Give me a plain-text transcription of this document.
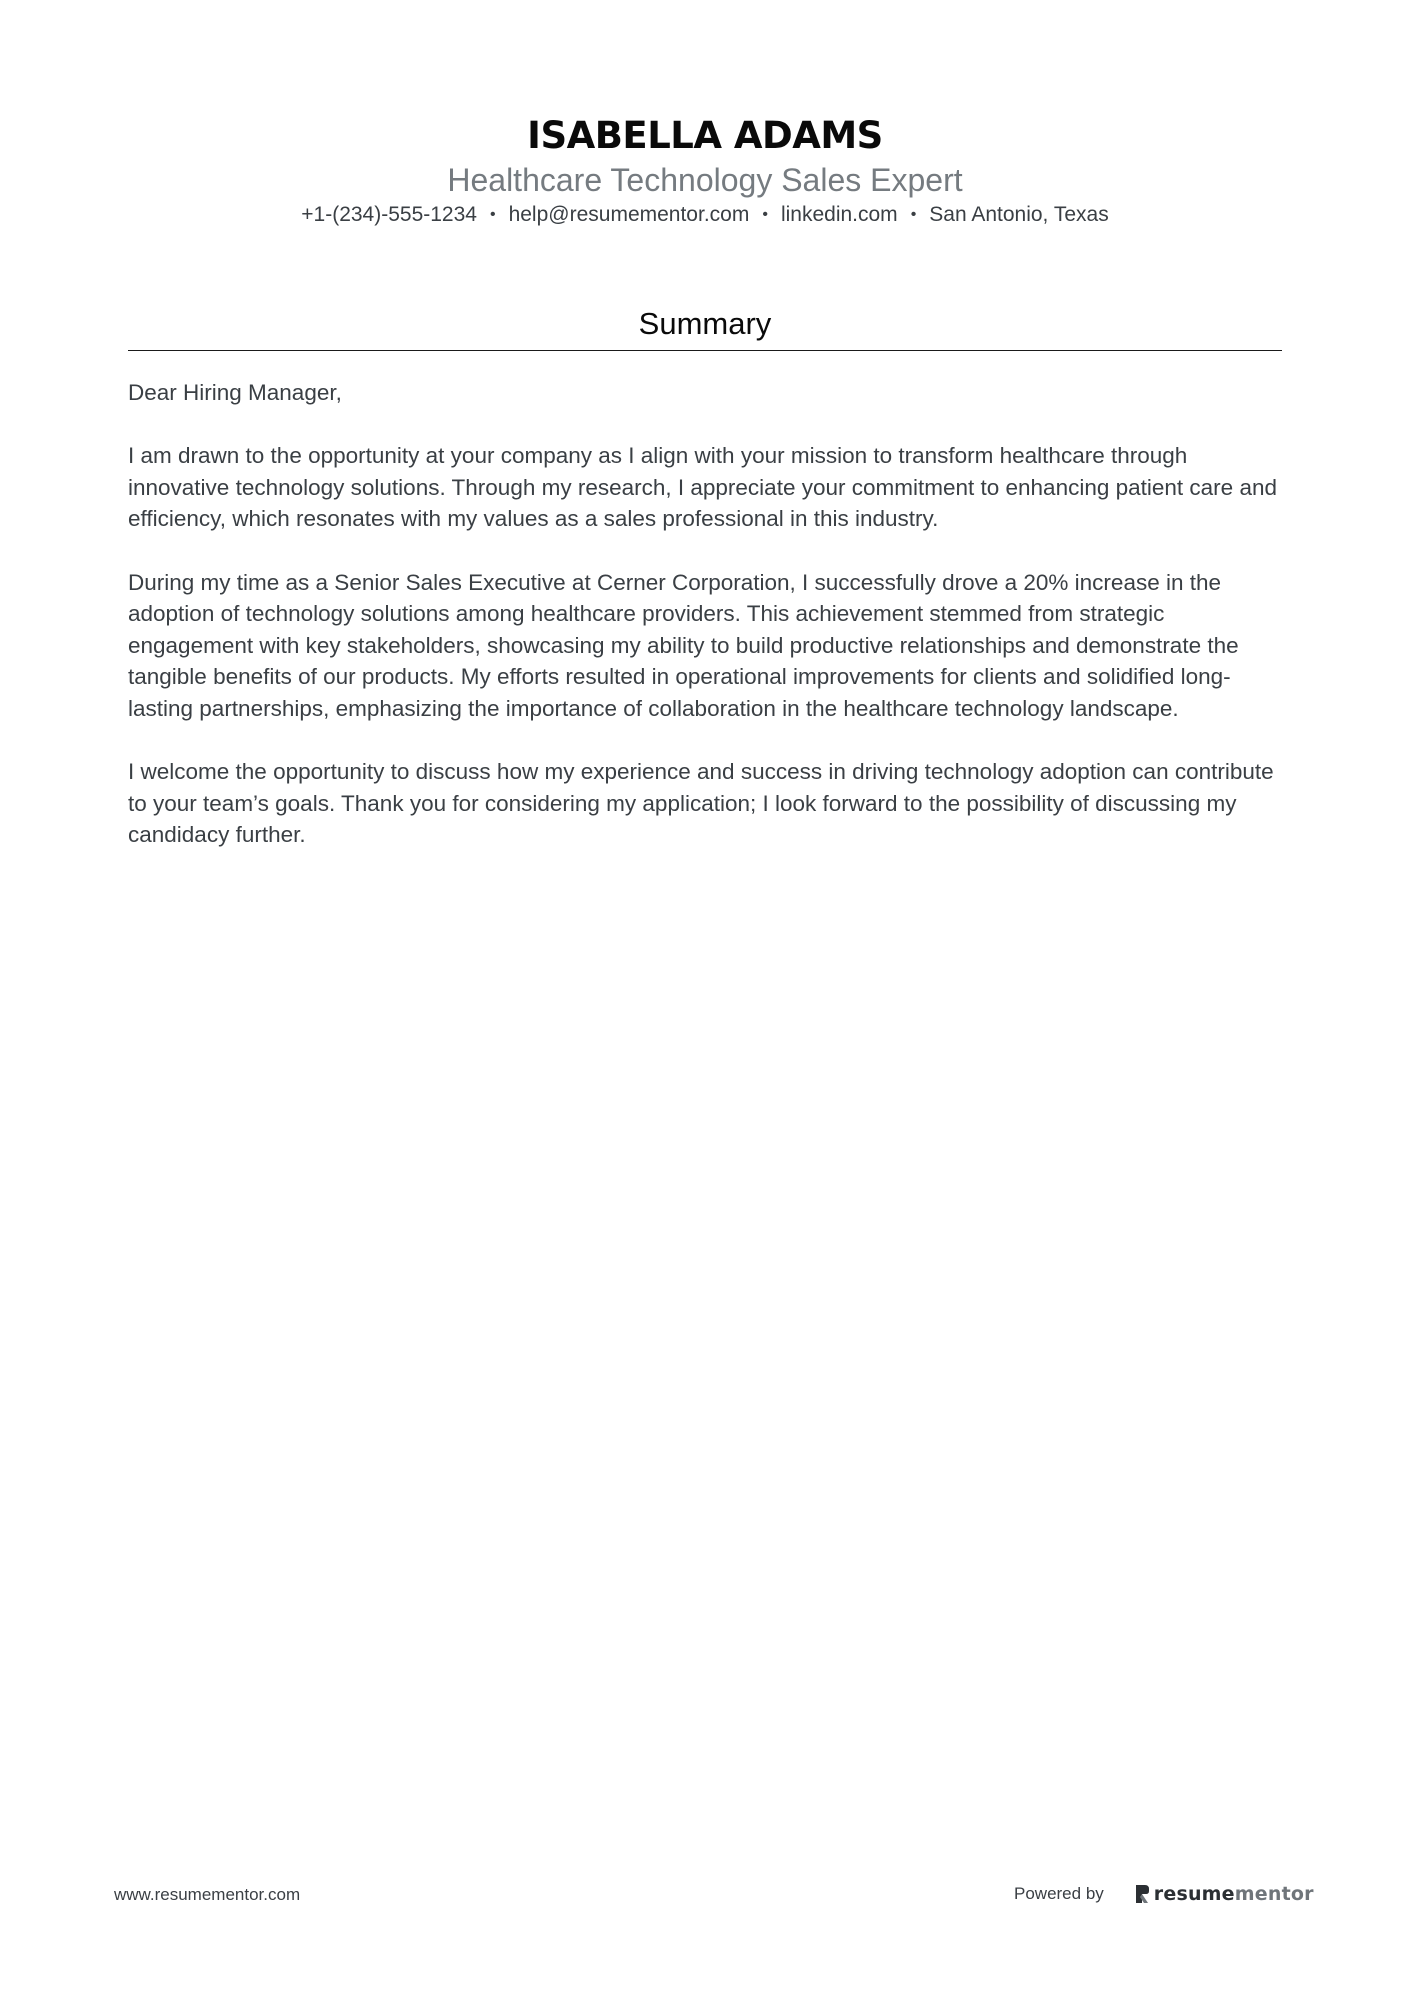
ISABELLA ADAMS
Healthcare Technology Sales Expert
+1-(234)-555-1234 • help@resumementor.com • linkedin.com • San Antonio, Texas
Summary

Dear Hiring Manager,

I am drawn to the opportunity at your company as I align with your mission to transform healthcare through innovative technology solutions. Through my research, I appreciate your commitment to enhancing patient care and efficiency, which resonates with my values as a sales professional in this industry.

During my time as a Senior Sales Executive at Cerner Corporation, I successfully drove a 20% increase in the adoption of technology solutions among healthcare providers. This achievement stemmed from strategic engagement with key stakeholders, showcasing my ability to build productive relationships and demonstrate the tangible benefits of our products. My efforts resulted in operational improvements for clients and solidified long-lasting partnerships, emphasizing the importance of collaboration in the healthcare technology landscape.

I welcome the opportunity to discuss how my experience and success in driving technology adoption can contribute to your team’s goals. Thank you for considering my application; I look forward to the possibility of discussing my candidacy further.

www.resumementor.com	Powered by	resumementor
